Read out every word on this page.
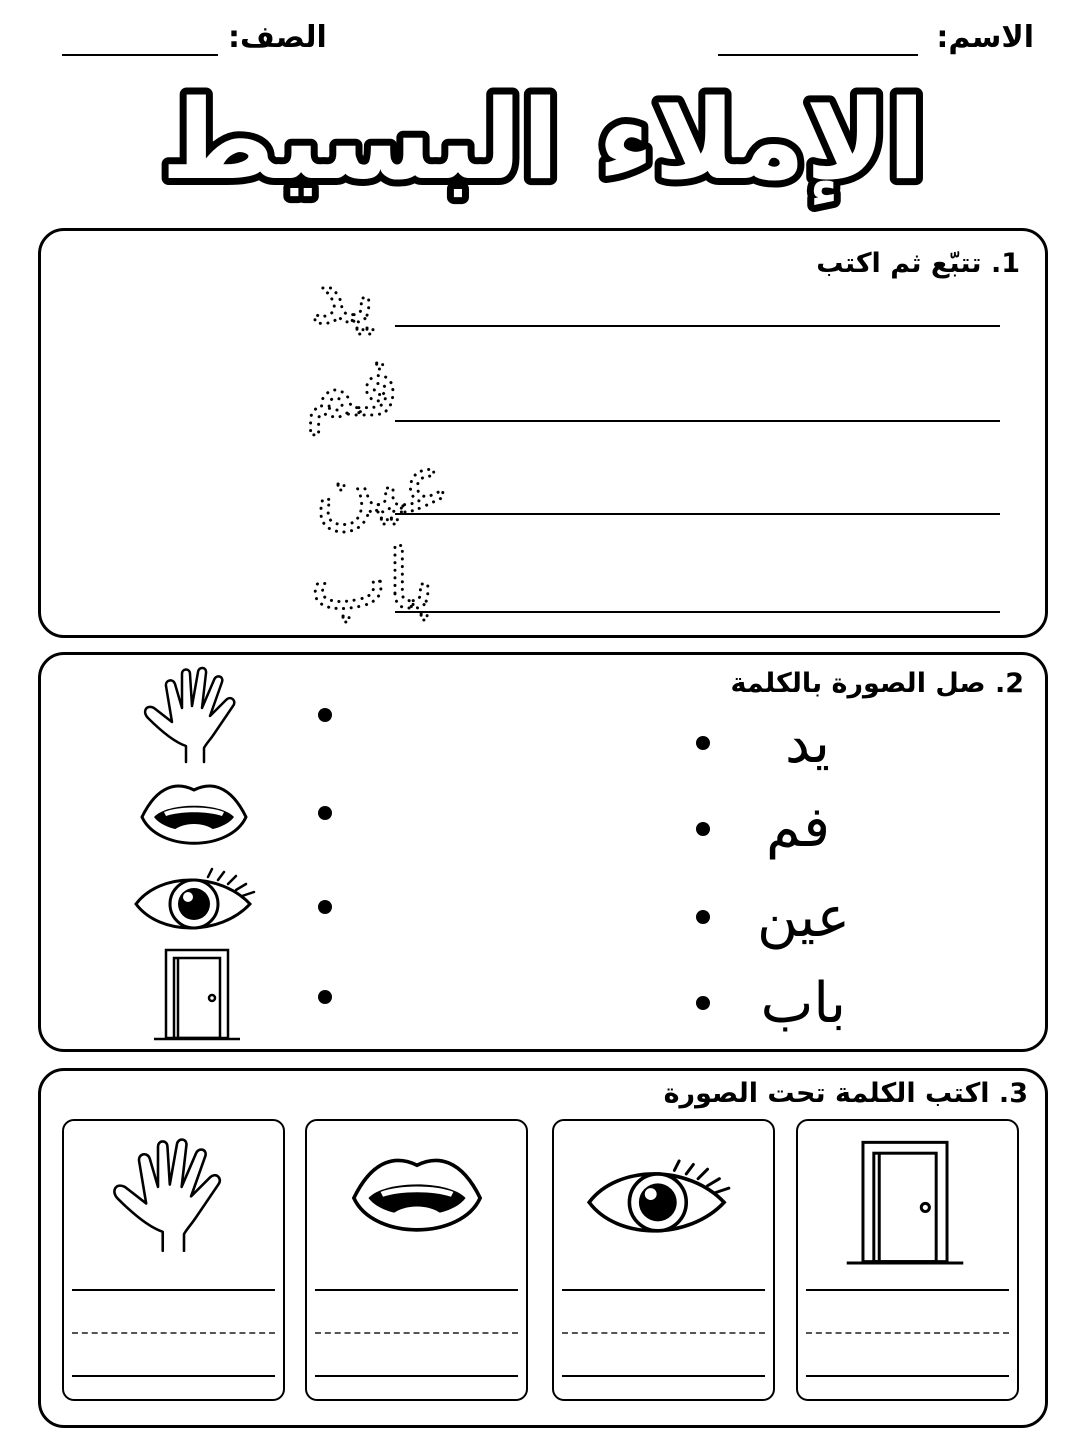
الاسم:
الصف:
الإملاء البسيط
1. تتبّع ثم اكتب
يد
فم
عين
باب
2. صل الصورة بالكلمة
يد
فم
عين
باب
3. اكتب الكلمة تحت الصورة
